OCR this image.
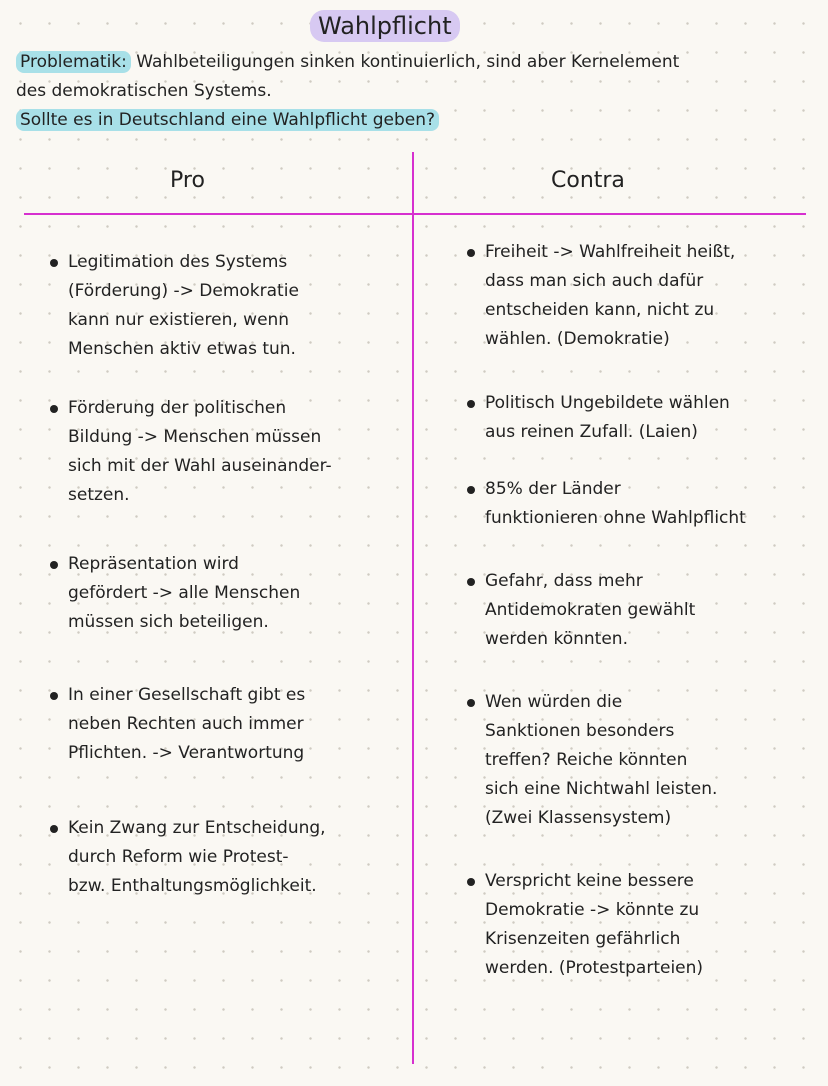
Wahlpflicht
Problematik: Wahlbeteiligungen sinken kontinuierlich, sind aber Kernelement
des demokratischen Systems.
Sollte es in Deutschland eine Wahlpflicht geben?
Pro	Contra
Legitimation des Systems
(Förderung) -> Demokratie
kann nur existieren, wenn
Menschen aktiv etwas tun.
Förderung der politischen
Bildung -> Menschen müssen
sich mit der Wahl auseinander-
setzen.
Repräsentation wird
gefördert -> alle Menschen
müssen sich beteiligen.
In einer Gesellschaft gibt es
neben Rechten auch immer
Pflichten. -> Verantwortung
Kein Zwang zur Entscheidung,
durch Reform wie Protest-
bzw. Enthaltungsmöglichkeit.
Freiheit -> Wahlfreiheit heißt,
dass man sich auch dafür
entscheiden kann, nicht zu
wählen. (Demokratie)
Politisch Ungebildete wählen
aus reinen Zufall. (Laien)
85% der Länder
funktionieren ohne Wahlpflicht
Gefahr, dass mehr
Antidemokraten gewählt
werden könnten.
Wen würden die
Sanktionen besonders
treffen? Reiche könnten
sich eine Nichtwahl leisten.
(Zwei Klassensystem)
Verspricht keine bessere
Demokratie -> könnte zu
Krisenzeiten gefährlich
werden. (Protestparteien)
